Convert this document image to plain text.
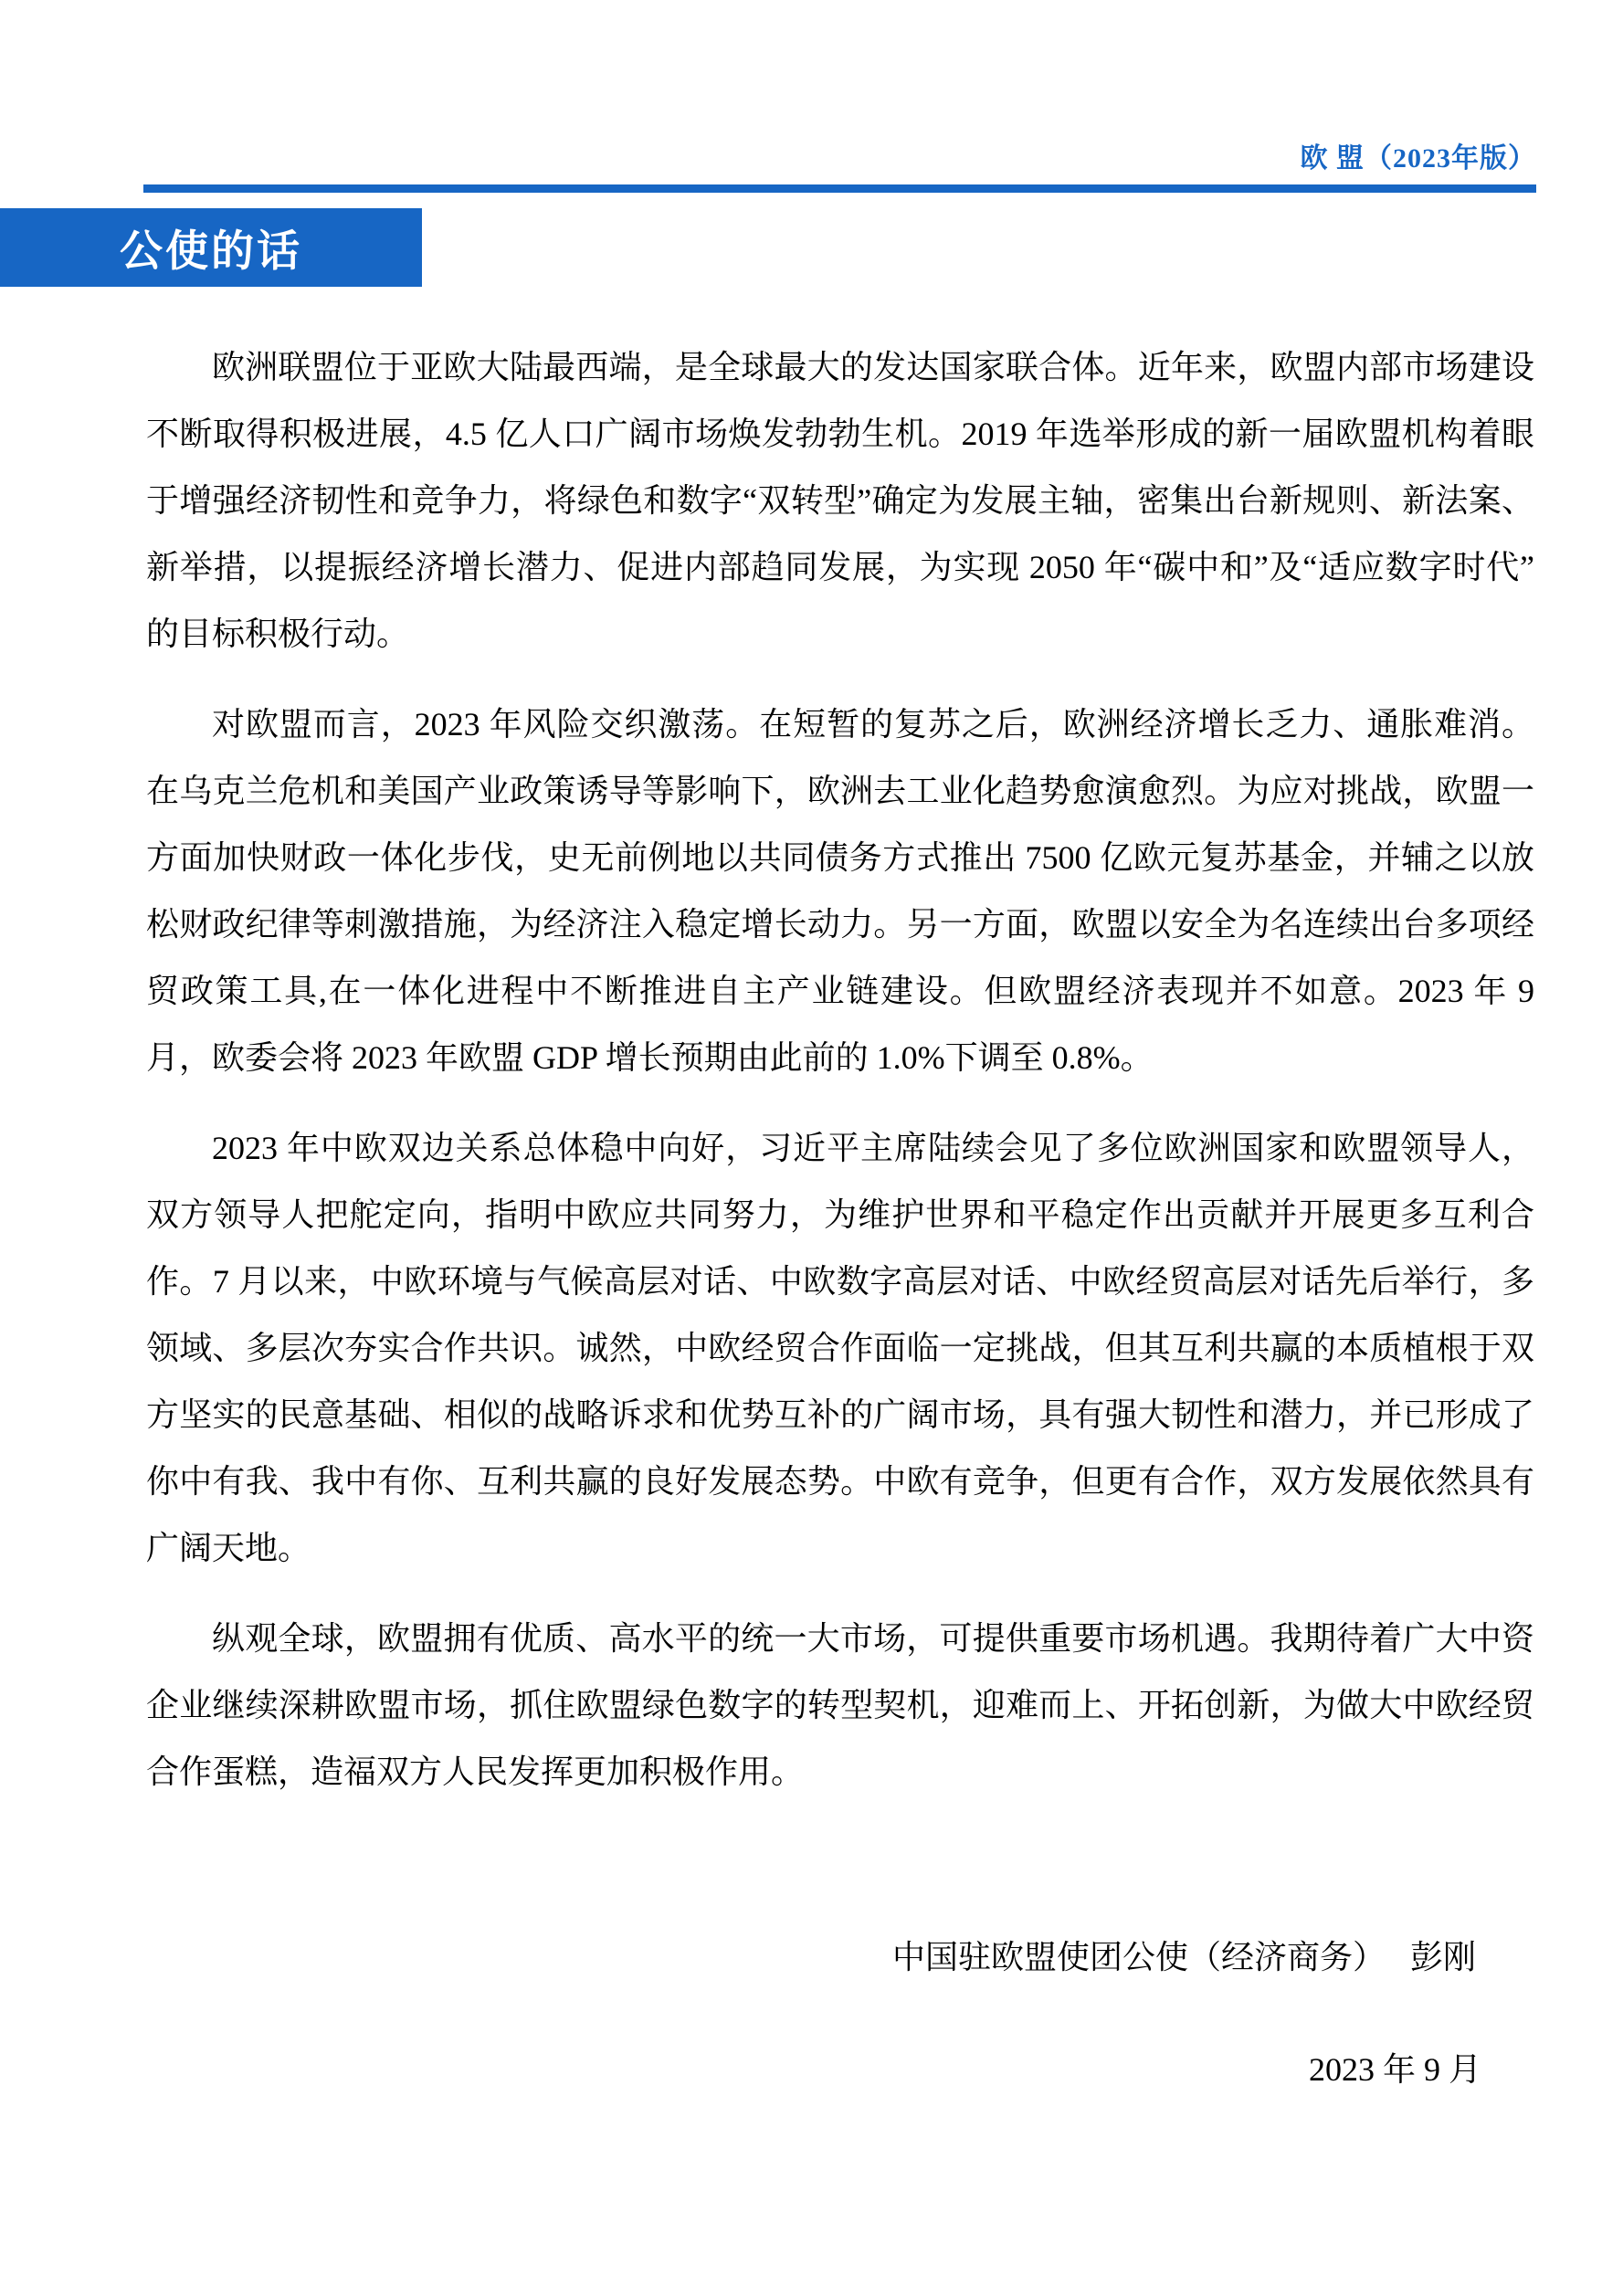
欧 盟（2023年版）
公使的话

欧洲联盟位于亚欧大陆最西端，是全球最大的发达国家联合体。近年来，欧盟内部市场建设不断取得积极进展，4.5 亿人口广阔市场焕发勃勃生机。2019 年选举形成的新一届欧盟机构着眼于增强经济韧性和竞争力，将绿色和数字“双转型”确定为发展主轴，密集出台新规则、新法案、新举措，以提振经济增长潜力、促进内部趋同发展，为实现 2050 年“碳中和”及“适应数字时代”的目标积极行动。

对欧盟而言，2023 年风险交织激荡。在短暂的复苏之后，欧洲经济增长乏力、通胀难消。在乌克兰危机和美国产业政策诱导等影响下，欧洲去工业化趋势愈演愈烈。为应对挑战，欧盟一方面加快财政一体化步伐，史无前例地以共同债务方式推出 7500 亿欧元复苏基金，并辅之以放松财政纪律等刺激措施，为经济注入稳定增长动力。另一方面，欧盟以安全为名连续出台多项经贸政策工具,在一体化进程中不断推进自主产业链建设。但欧盟经济表现并不如意。2023 年 9 月，欧委会将 2023 年欧盟 GDP 增长预期由此前的 1.0%下调至 0.8%。

2023 年中欧双边关系总体稳中向好，习近平主席陆续会见了多位欧洲国家和欧盟领导人，双方领导人把舵定向，指明中欧应共同努力，为维护世界和平稳定作出贡献并开展更多互利合作。7 月以来，中欧环境与气候高层对话、中欧数字高层对话、中欧经贸高层对话先后举行，多领域、多层次夯实合作共识。诚然，中欧经贸合作面临一定挑战，但其互利共赢的本质植根于双方坚实的民意基础、相似的战略诉求和优势互补的广阔市场，具有强大韧性和潜力，并已形成了你中有我、我中有你、互利共赢的良好发展态势。中欧有竞争，但更有合作，双方发展依然具有广阔天地。

纵观全球，欧盟拥有优质、高水平的统一大市场，可提供重要市场机遇。我期待着广大中资企业继续深耕欧盟市场，抓住欧盟绿色数字的转型契机，迎难而上、开拓创新，为做大中欧经贸合作蛋糕，造福双方人民发挥更加积极作用。

中国驻欧盟使团公使（经济商务）　 彭刚
2023 年 9 月
